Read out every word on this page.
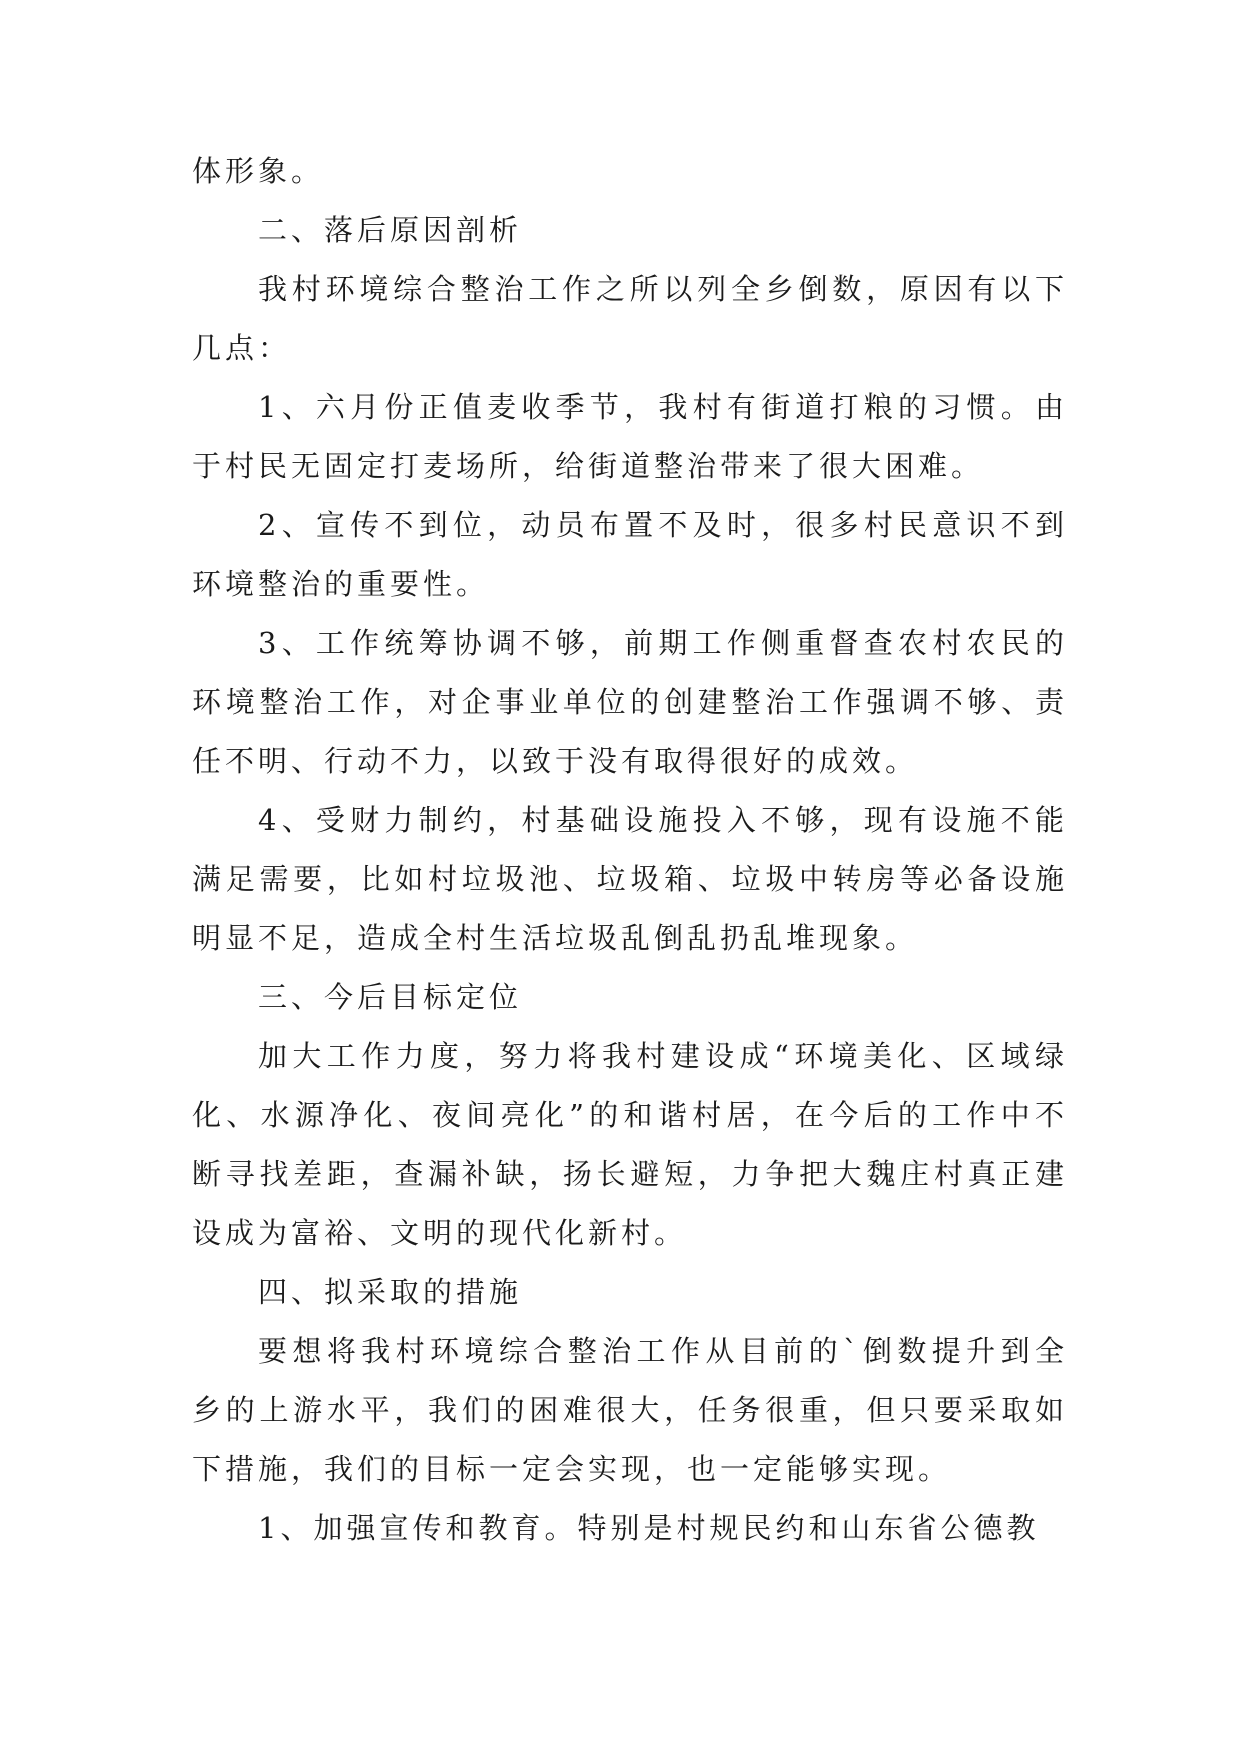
体形象。

二、落后原因剖析

我村环境综合整治工作之所以列全乡倒数，原因有以下几点：

1、六月份正值麦收季节，我村有街道打粮的习惯。由于村民无固定打麦场所，给街道整治带来了很大困难。

2、宣传不到位，动员布置不及时，很多村民意识不到环境整治的重要性。

3、工作统筹协调不够，前期工作侧重督查农村农民的环境整治工作，对企事业单位的创建整治工作强调不够、责任不明、行动不力，以致于没有取得很好的成效。

4、受财力制约，村基础设施投入不够，现有设施不能满足需要，比如村垃圾池、垃圾箱、垃圾中转房等必备设施明显不足，造成全村生活垃圾乱倒乱扔乱堆现象。

三、今后目标定位

加大工作力度，努力将我村建设成“环境美化、区域绿化、水源净化、夜间亮化”的和谐村居，在今后的工作中不断寻找差距，查漏补缺，扬长避短，力争把大魏庄村真正建设成为富裕、文明的现代化新村。

四、拟采取的措施

要想将我村环境综合整治工作从目前的`倒数提升到全乡的上游水平，我们的困难很大，任务很重，但只要采取如下措施，我们的目标一定会实现，也一定能够实现。

1、加强宣传和教育。特别是村规民约和山东省公德教
